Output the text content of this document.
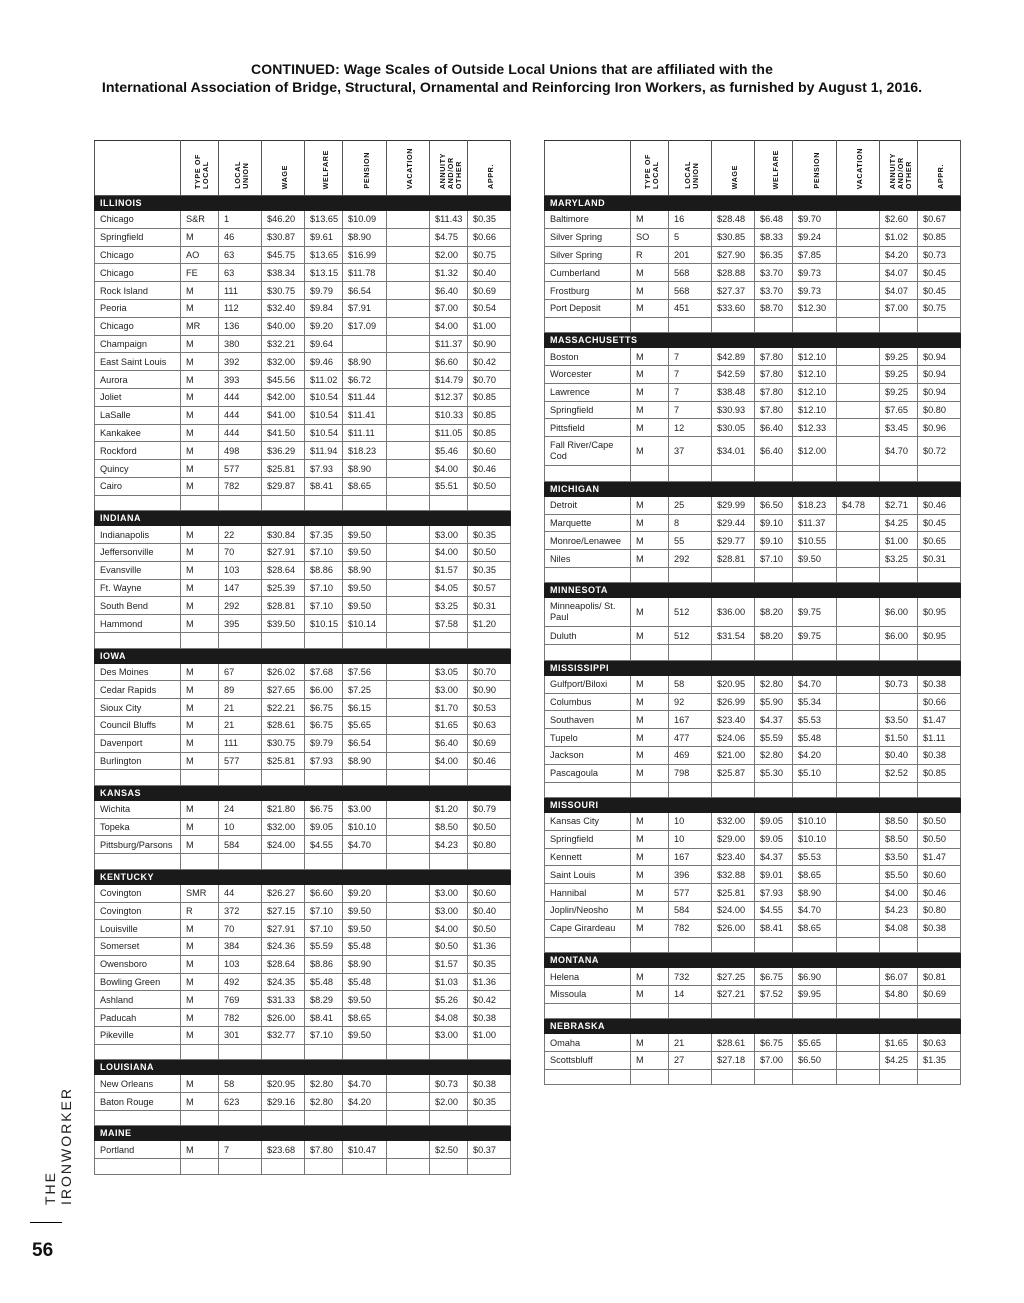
CONTINUED: Wage Scales of Outside Local Unions that are affiliated with the
International Association of Bridge, Structural, Ornamental and Reinforcing Iron Workers, as furnished by August 1, 2016.
	TYPE OF
LOCAL	LOCAL
UNION	WAGE	WELFARE	PENSION	VACATION	ANNUITY
AND/OR
OTHER	APPR.
ILLINOIS								
Chicago	S&R	1	$46.20	$13.65	$10.09		$11.43	$0.35
Springfield	M	46	$30.87	$9.61	$8.90		$4.75	$0.66
Chicago	AO	63	$45.75	$13.65	$16.99		$2.00	$0.75
Chicago	FE	63	$38.34	$13.15	$11.78		$1.32	$0.40
Rock Island	M	111	$30.75	$9.79	$6.54		$6.40	$0.69
Peoria	M	112	$32.40	$9.84	$7.91		$7.00	$0.54
Chicago	MR	136	$40.00	$9.20	$17.09		$4.00	$1.00
Champaign	M	380	$32.21	$9.64			$11.37	$0.90
East Saint Louis	M	392	$32.00	$9.46	$8.90		$6.60	$0.42
Aurora	M	393	$45.56	$11.02	$6.72		$14.79	$0.70
Joliet	M	444	$42.00	$10.54	$11.44		$12.37	$0.85
LaSalle	M	444	$41.00	$10.54	$11.41		$10.33	$0.85
Kankakee	M	444	$41.50	$10.54	$11.11		$11.05	$0.85
Rockford	M	498	$36.29	$11.94	$18.23		$5.46	$0.60
Quincy	M	577	$25.81	$7.93	$8.90		$4.00	$0.46
Cairo	M	782	$29.87	$8.41	$8.65		$5.51	$0.50

INDIANA								
Indianapolis	M	22	$30.84	$7.35	$9.50		$3.00	$0.35
Jeffersonville	M	70	$27.91	$7.10	$9.50		$4.00	$0.50
Evansville	M	103	$28.64	$8.86	$8.90		$1.57	$0.35
Ft. Wayne	M	147	$25.39	$7.10	$9.50		$4.05	$0.57
South Bend	M	292	$28.81	$7.10	$9.50		$3.25	$0.31
Hammond	M	395	$39.50	$10.15	$10.14		$7.58	$1.20

IOWA								
Des Moines	M	67	$26.02	$7.68	$7.56		$3.05	$0.70
Cedar Rapids	M	89	$27.65	$6.00	$7.25		$3.00	$0.90
Sioux City	M	21	$22.21	$6.75	$6.15		$1.70	$0.53
Council Bluffs	M	21	$28.61	$6.75	$5.65		$1.65	$0.63
Davenport	M	111	$30.75	$9.79	$6.54		$6.40	$0.69
Burlington	M	577	$25.81	$7.93	$8.90		$4.00	$0.46

KANSAS								
Wichita	M	24	$21.80	$6.75	$3.00		$1.20	$0.79
Topeka	M	10	$32.00	$9.05	$10.10		$8.50	$0.50
Pittsburg/Parsons	M	584	$24.00	$4.55	$4.70		$4.23	$0.80

KENTUCKY								
Covington	SMR	44	$26.27	$6.60	$9.20		$3.00	$0.60
Covington	R	372	$27.15	$7.10	$9.50		$3.00	$0.40
Louisville	M	70	$27.91	$7.10	$9.50		$4.00	$0.50
Somerset	M	384	$24.36	$5.59	$5.48		$0.50	$1.36
Owensboro	M	103	$28.64	$8.86	$8.90		$1.57	$0.35
Bowling Green	M	492	$24.35	$5.48	$5.48		$1.03	$1.36
Ashland	M	769	$31.33	$8.29	$9.50		$5.26	$0.42
Paducah	M	782	$26.00	$8.41	$8.65		$4.08	$0.38
Pikeville	M	301	$32.77	$7.10	$9.50		$3.00	$1.00

LOUISIANA								
New Orleans	M	58	$20.95	$2.80	$4.70		$0.73	$0.38
Baton Rouge	M	623	$29.16	$2.80	$4.20		$2.00	$0.35

MAINE								
Portland	M	7	$23.68	$7.80	$10.47		$2.50	$0.37

	TYPE OF
LOCAL	LOCAL
UNION	WAGE	WELFARE	PENSION	VACATION	ANNUITY
AND/OR
OTHER	APPR.
MARYLAND								
Baltimore	M	16	$28.48	$6.48	$9.70		$2.60	$0.67
Silver Spring	SO	5	$30.85	$8.33	$9.24		$1.02	$0.85
Silver Spring	R	201	$27.90	$6.35	$7.85		$4.20	$0.73
Cumberland	M	568	$28.88	$3.70	$9.73		$4.07	$0.45
Frostburg	M	568	$27.37	$3.70	$9.73		$4.07	$0.45
Port Deposit	M	451	$33.60	$8.70	$12.30		$7.00	$0.75

MASSACHUSETTS								
Boston	M	7	$42.89	$7.80	$12.10		$9.25	$0.94
Worcester	M	7	$42.59	$7.80	$12.10		$9.25	$0.94
Lawrence	M	7	$38.48	$7.80	$12.10		$9.25	$0.94
Springfield	M	7	$30.93	$7.80	$12.10		$7.65	$0.80
Pittsfield	M	12	$30.05	$6.40	$12.33		$3.45	$0.96
Fall River/Cape Cod	M	37	$34.01	$6.40	$12.00		$4.70	$0.72

MICHIGAN								
Detroit	M	25	$29.99	$6.50	$18.23	$4.78	$2.71	$0.46
Marquette	M	8	$29.44	$9.10	$11.37		$4.25	$0.45
Monroe/Lenawee	M	55	$29.77	$9.10	$10.55		$1.00	$0.65
Niles	M	292	$28.81	$7.10	$9.50		$3.25	$0.31

MINNESOTA								
Minneapolis/ St. Paul	M	512	$36.00	$8.20	$9.75		$6.00	$0.95
Duluth	M	512	$31.54	$8.20	$9.75		$6.00	$0.95

MISSISSIPPI								
Gulfport/Biloxi	M	58	$20.95	$2.80	$4.70		$0.73	$0.38
Columbus	M	92	$26.99	$5.90	$5.34			$0.66
Southaven	M	167	$23.40	$4.37	$5.53		$3.50	$1.47
Tupelo	M	477	$24.06	$5.59	$5.48		$1.50	$1.11
Jackson	M	469	$21.00	$2.80	$4.20		$0.40	$0.38
Pascagoula	M	798	$25.87	$5.30	$5.10		$2.52	$0.85

MISSOURI								
Kansas City	M	10	$32.00	$9.05	$10.10		$8.50	$0.50
Springfield	M	10	$29.00	$9.05	$10.10		$8.50	$0.50
Kennett	M	167	$23.40	$4.37	$5.53		$3.50	$1.47
Saint Louis	M	396	$32.88	$9.01	$8.65		$5.50	$0.60
Hannibal	M	577	$25.81	$7.93	$8.90		$4.00	$0.46
Joplin/Neosho	M	584	$24.00	$4.55	$4.70		$4.23	$0.80
Cape Girardeau	M	782	$26.00	$8.41	$8.65		$4.08	$0.38

MONTANA								
Helena	M	732	$27.25	$6.75	$6.90		$6.07	$0.81
Missoula	M	14	$27.21	$7.52	$9.95		$4.80	$0.69

NEBRASKA								
Omaha	M	21	$28.61	$6.75	$5.65		$1.65	$0.63
Scottsbluff	M	27	$27.18	$7.00	$6.50		$4.25	$1.35

THE IRONWORKER
56
